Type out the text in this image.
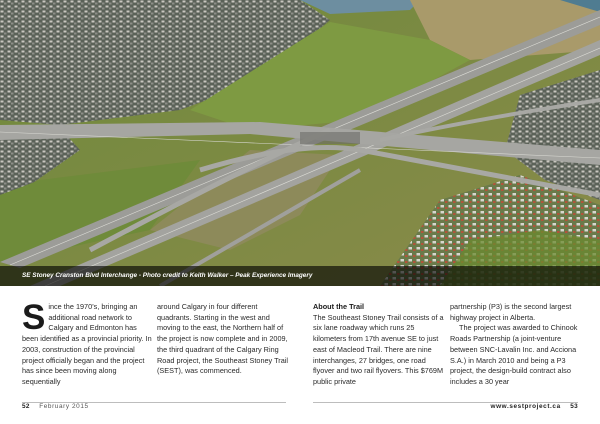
SE Stoney Cranston Blvd Interchange - Photo credit to Keith Walker – Peak Experience Imagery

S ince the 1970’s, bringing an additional road network to Calgary and Edmonton has been identified as a provincial priority. In 2003, construction of the provincial project officially began and the project has since been moving along sequentially

around Calgary in four different quadrants. Starting in the west and moving to the east, the Northern half of the project is now complete and in 2009, the third quadrant of the Calgary Ring Road project, the Southeast Stoney Trail (SEST), was commenced.

About the Trail

The Southeast Stoney Trail consists of a six lane roadway which runs 25 kilometers from 17th avenue SE to just east of Macleod Trail. There are nine interchanges, 27 bridges, one road flyover and two rail flyovers. This $769M public private

partnership (P3) is the second largest highway project in Alberta.

The project was awarded to Chinook Roads Partnership (a joint-venture between SNC-Lavalin Inc. and Acciona S.A.) in March 2010 and being a P3 project, the design-build contract also includes a 30 year

52 February 2015	www.sestproject.ca 53
